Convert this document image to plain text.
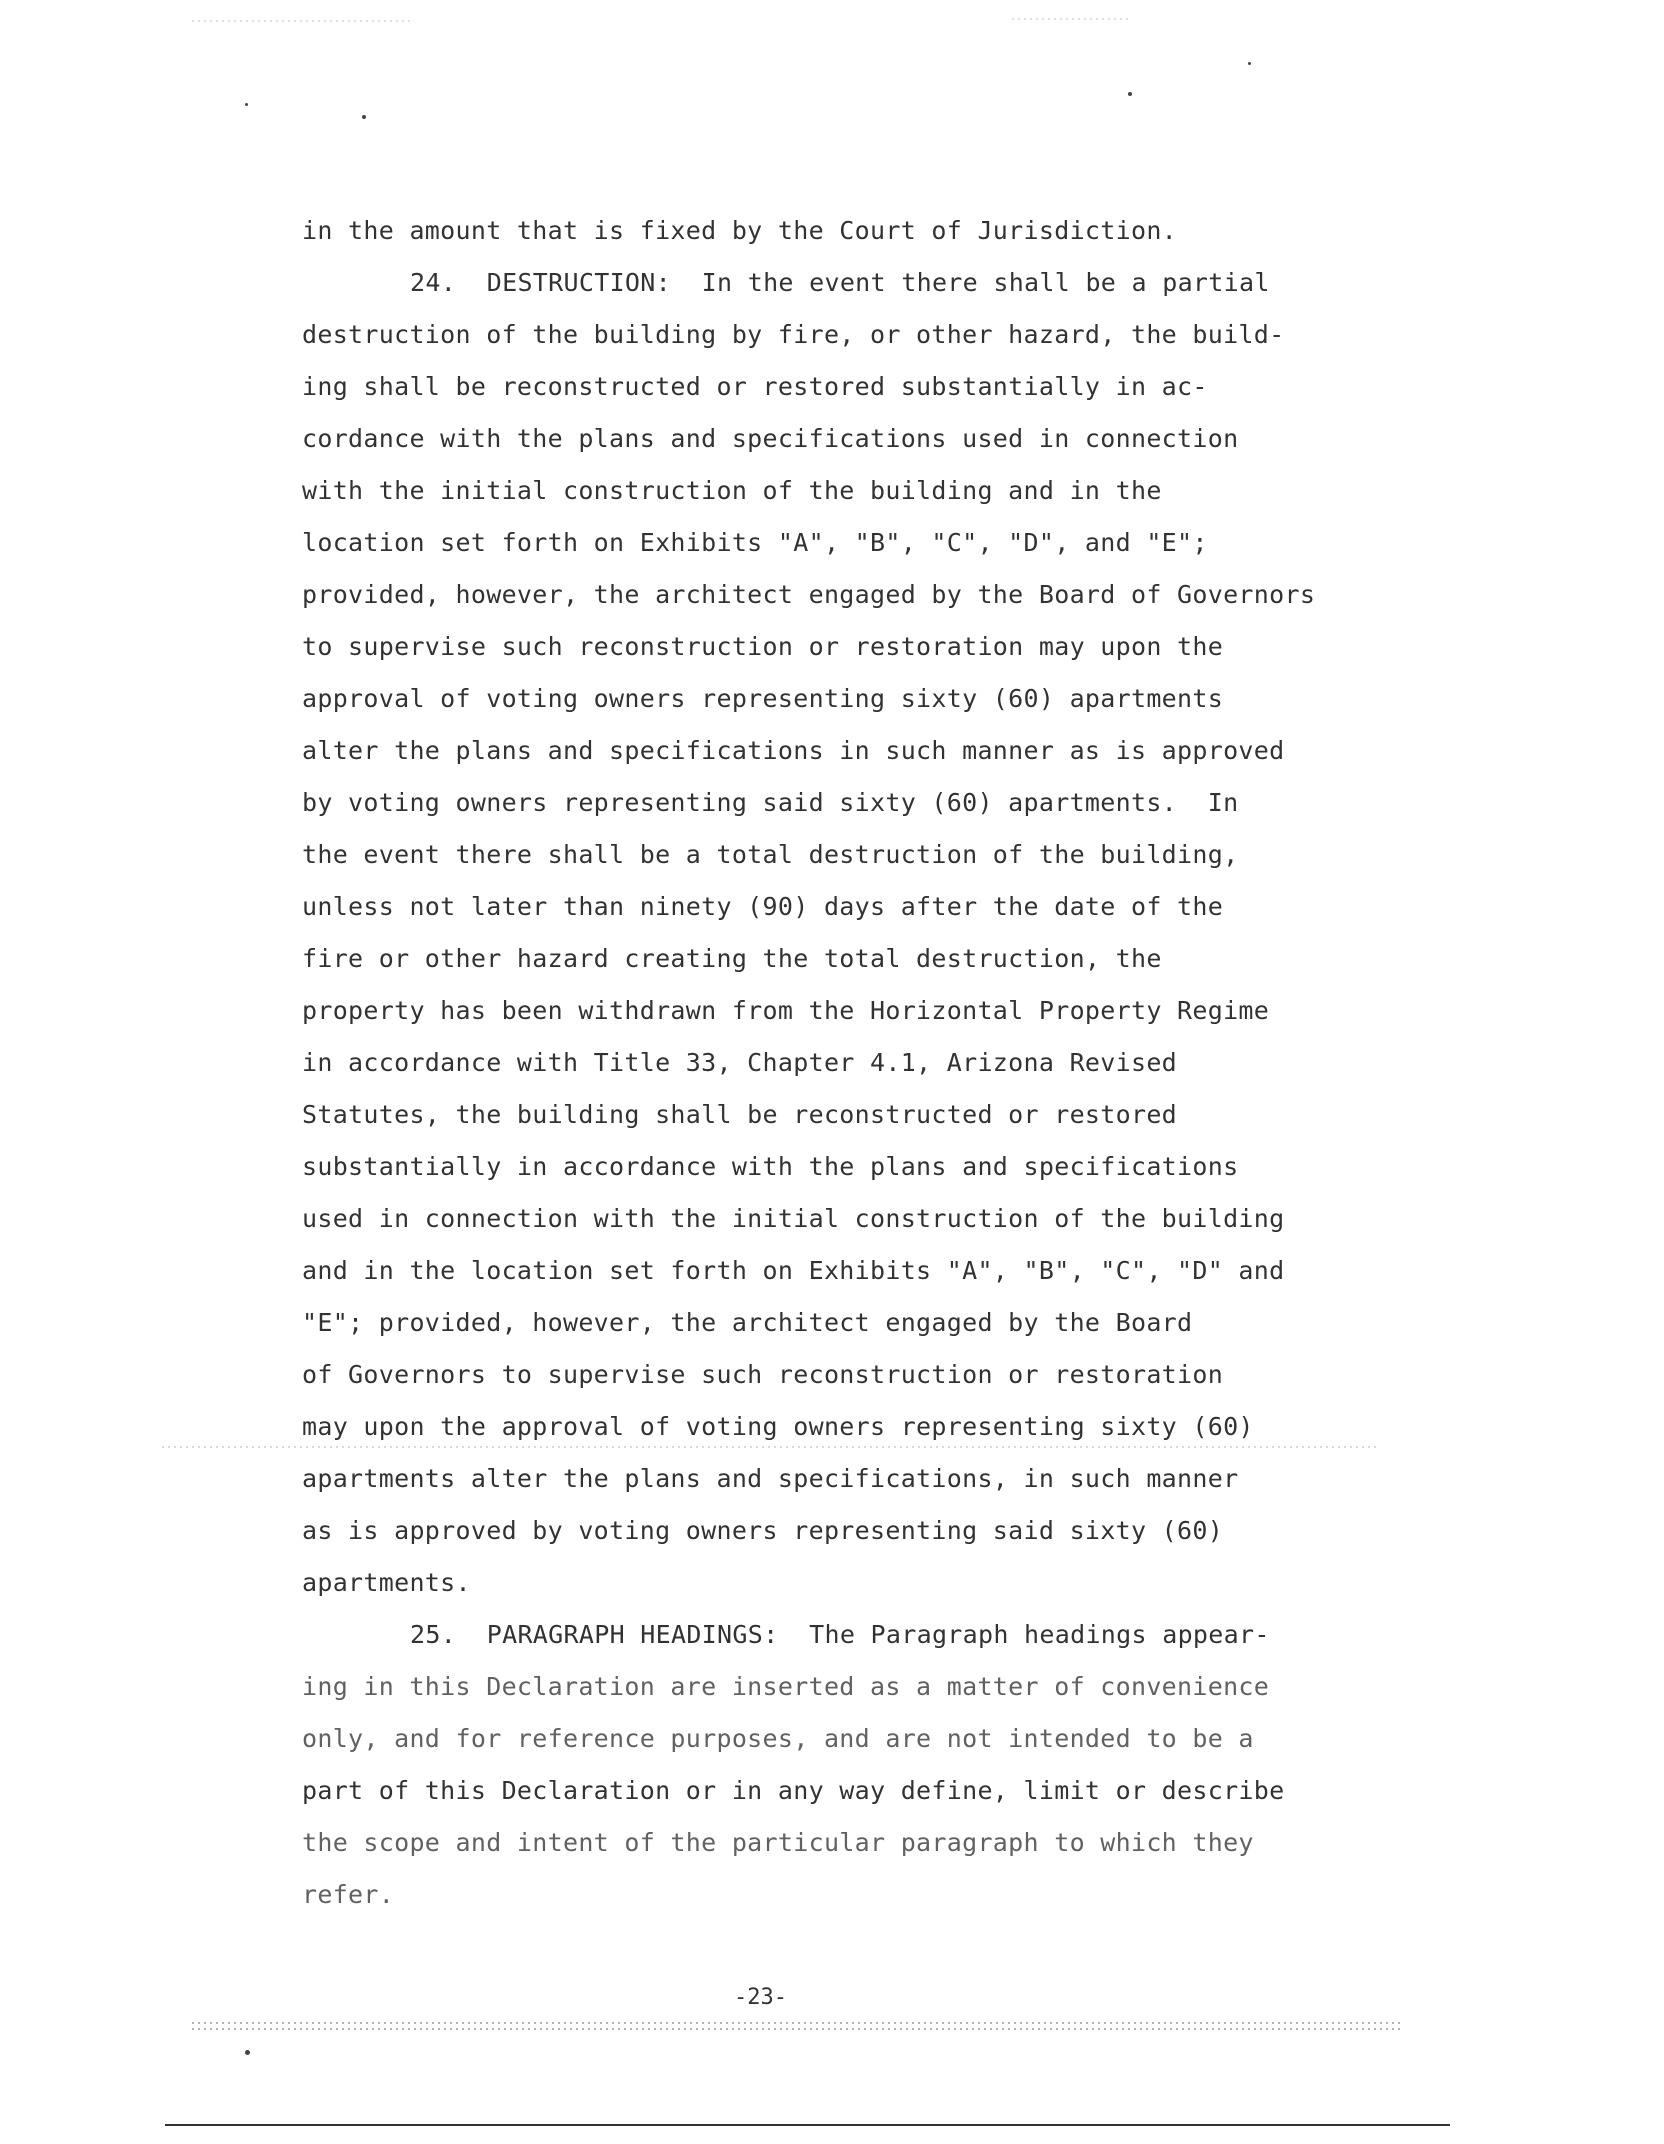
in the amount that is fixed by the Court of Jurisdiction.
24.  DESTRUCTION:  In the event there shall be a partial
destruction of the building by fire, or other hazard, the build-
ing shall be reconstructed or restored substantially in ac-
cordance with the plans and specifications used in connection
with the initial construction of the building and in the
location set forth on Exhibits "A", "B", "C", "D", and "E";
provided, however, the architect engaged by the Board of Governors
to supervise such reconstruction or restoration may upon the
approval of voting owners representing sixty (60) apartments
alter the plans and specifications in such manner as is approved
by voting owners representing said sixty (60) apartments.  In
the event there shall be a total destruction of the building,
unless not later than ninety (90) days after the date of the
fire or other hazard creating the total destruction, the
property has been withdrawn from the Horizontal Property Regime
in accordance with Title 33, Chapter 4.1, Arizona Revised
Statutes, the building shall be reconstructed or restored
substantially in accordance with the plans and specifications
used in connection with the initial construction of the building
and in the location set forth on Exhibits "A", "B", "C", "D" and
"E"; provided, however, the architect engaged by the Board
of Governors to supervise such reconstruction or restoration
may upon the approval of voting owners representing sixty (60)
apartments alter the plans and specifications, in such manner
as is approved by voting owners representing said sixty (60)
apartments.
25.  PARAGRAPH HEADINGS:  The Paragraph headings appear-
ing in this Declaration are inserted as a matter of convenience
only, and for reference purposes, and are not intended to be a
part of this Declaration or in any way define, limit or describe
the scope and intent of the particular paragraph to which they
refer.
-23-
